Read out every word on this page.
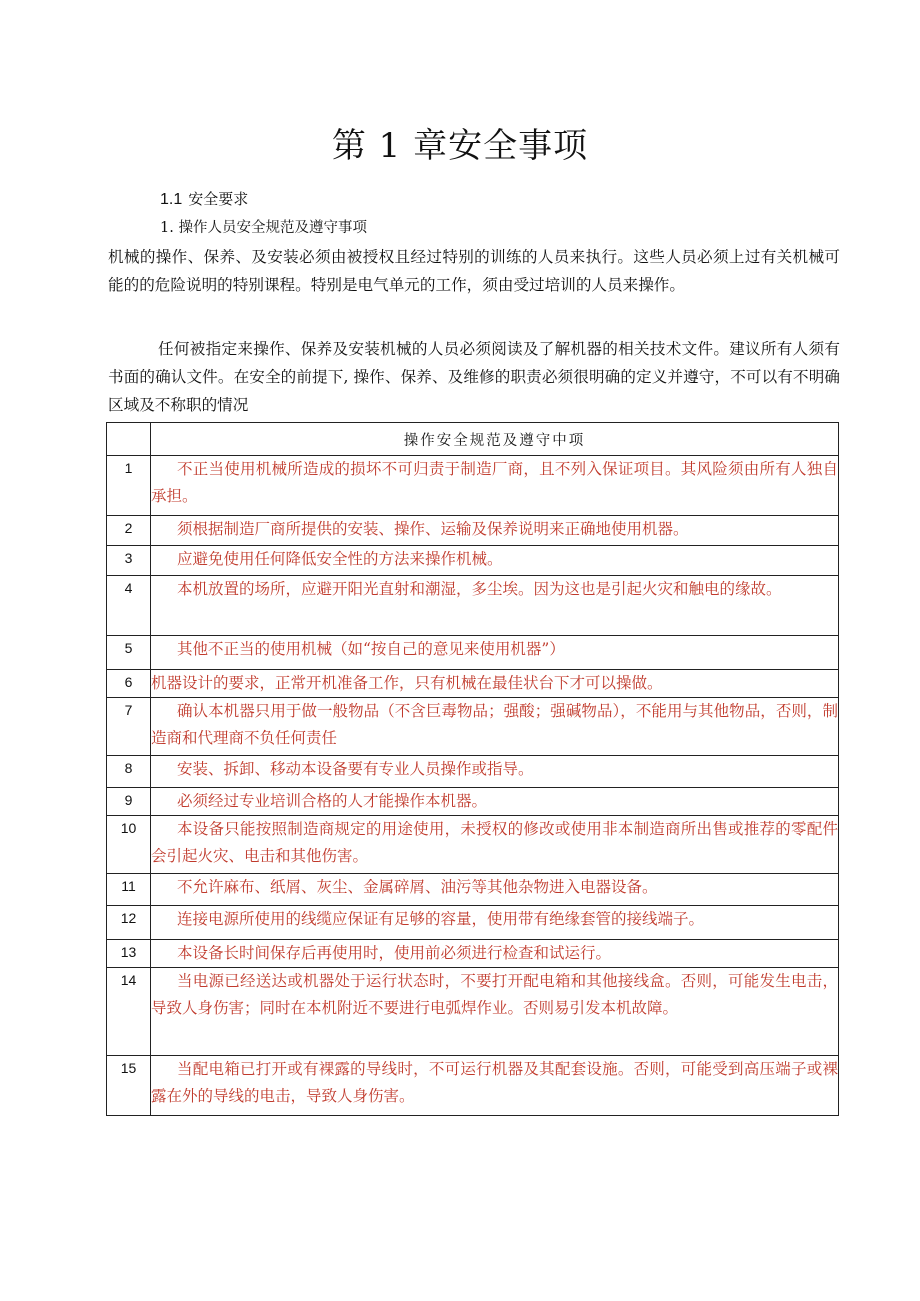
第 1 章安全事项
1.1 安全要求
1. 操作人员安全规范及遵守事项

机械的操作、保养、及安装必须由被授权且经过特别的训练的人员来执行。这些人员必须上过有关机械可能的的危险说明的特别课程。特别是电气单元的工作，须由受过培训的人员来操作。

任何被指定来操作、保养及安装机械的人员必须阅读及了解机器的相关技术文件。建议所有人须有书面的确认文件。在安全的前提下, 操作、保养、及维修的职责必须很明确的定义并遵守，不可以有不明确区域及不称职的情况

	操作安全规范及遵守中项
1	不正当使用机械所造成的损坏不可归责于制造厂商，且不列入保证项目。其风险须由所有人独自承担。
2	须根据制造厂商所提供的安装、操作、运输及保养说明来正确地使用机器。
3	应避免使用任何降低安全性的方法来操作机械。
4	本机放置的场所，应避开阳光直射和潮湿，多尘埃。因为这也是引起火灾和触电的缘故。
5	其他不正当的使用机械（如“按自己的意见来使用机器”）
6	机器设计的要求，正常开机准备工作，只有机械在最佳状台下才可以操做。
7	确认本机器只用于做一般物品（不含巨毒物品；强酸；强碱物品），不能用与其他物品，否则，制造商和代理商不负任何责任
8	安装、拆卸、移动本设备要有专业人员操作或指导。
9	必须经过专业培训合格的人才能操作本机器。
10	本设备只能按照制造商规定的用途使用，未授权的修改或使用非本制造商所出售或推荐的零配件会引起火灾、电击和其他伤害。
11	不允许麻布、纸屑、灰尘、金属碎屑、油污等其他杂物进入电器设备。
12	连接电源所使用的线缆应保证有足够的容量，使用带有绝缘套管的接线端子。
13	本设备长时间保存后再使用时，使用前必须进行检查和试运行。
14	当电源已经送达或机器处于运行状态时，不要打开配电箱和其他接线盒。否则，可能发生电击，导致人身伤害；同时在本机附近不要进行电弧焊作业。否则易引发本机故障。
15	当配电箱已打开或有裸露的导线时，不可运行机器及其配套设施。否则，可能受到高压端子或裸露在外的导线的电击，导致人身伤害。
